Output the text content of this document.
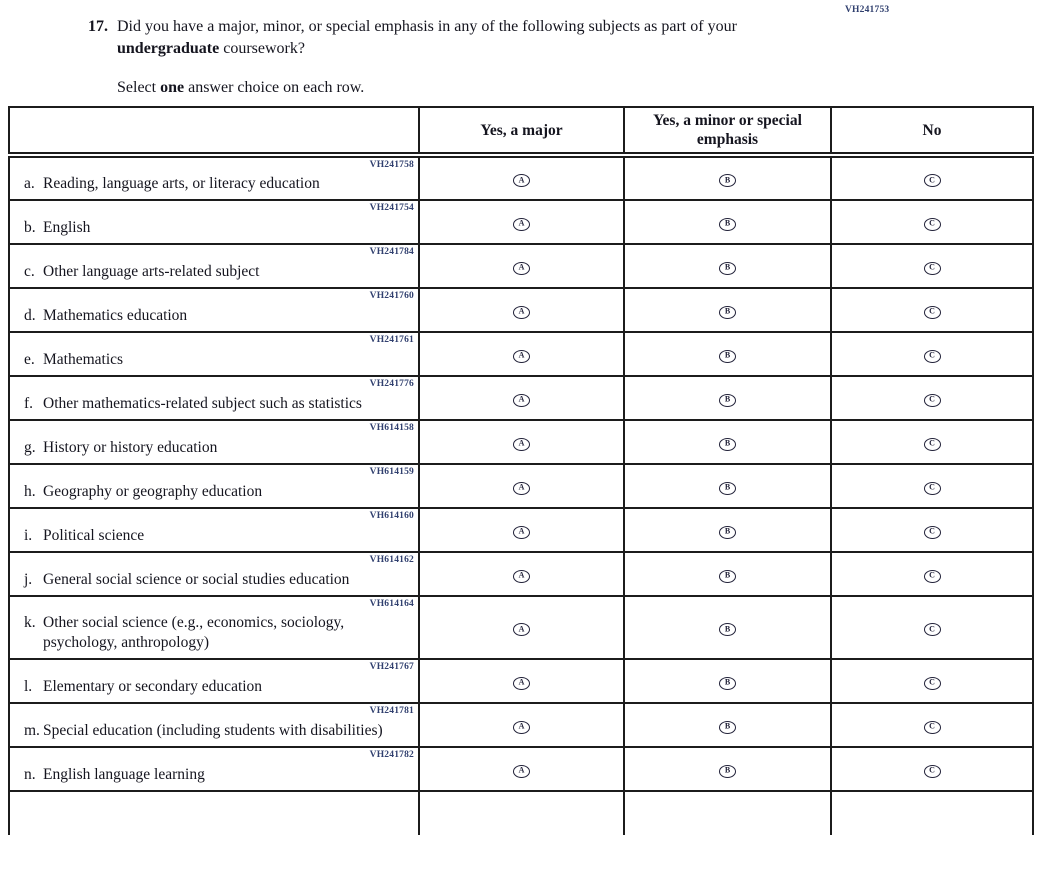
VH241753
17. Did you have a major, minor, or special emphasis in any of the following subjects as part of your undergraduate coursework?
Select one answer choice on each row.
	Yes, a major	Yes, a minor or special emphasis	No

VH241758
a. Reading, language arts, or literacy education	A	B	C

VH241754
b. English	A	B	C

VH241784
c. Other language arts-related subject	A	B	C

VH241760
d. Mathematics education	A	B	C

VH241761
e. Mathematics	A	B	C

VH241776
f. Other mathematics-related subject such as statistics	A	B	C

VH614158
g. History or history education	A	B	C

VH614159
h. Geography or geography education	A	B	C

VH614160
i. Political science	A	B	C

VH614162
j. General social science or social studies education	A	B	C

VH614164
k. Other social science (e.g., economics, sociology, psychology, anthropology)	A	B	C

VH241767
l. Elementary or secondary education	A	B	C

VH241781
m. Special education (including students with disabilities)	A	B	C

VH241782
n. English language learning	A	B	C
